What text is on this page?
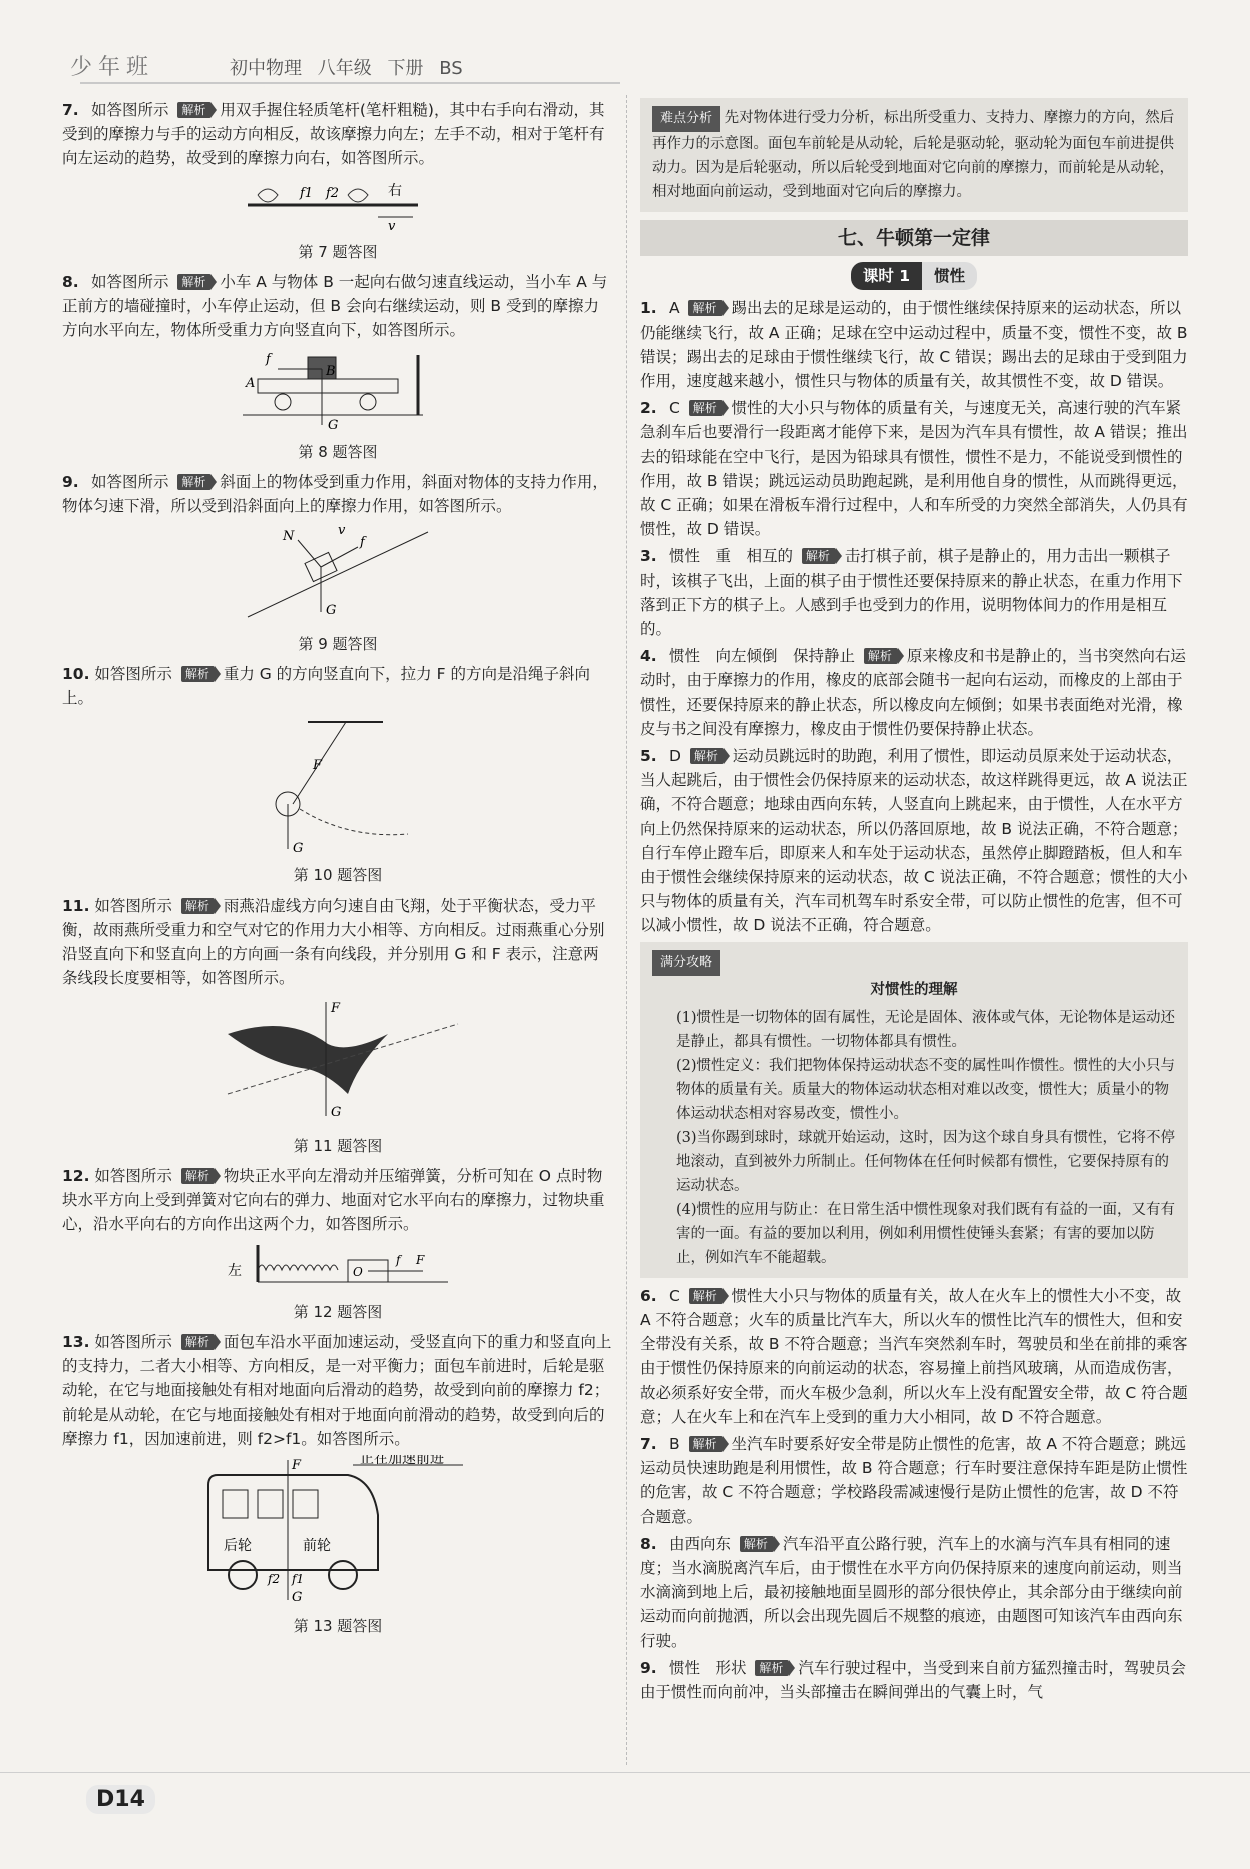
少年班	初中物理 八年级 下册 BS
7. 如答图所示 解析 用双手握住轻质笔杆(笔杆粗糙)，其中右手向右滑动，其受到的摩擦力与手的运动方向相反，故该摩擦力向左；左手不动，相对于笔杆有向左运动的趋势，故受到的摩擦力向右，如答图所示。
f1 f2	右
v
第 7 题答图
8. 如答图所示 解析 小车 A 与物体 B 一起向右做匀速直线运动，当小车 A 与正前方的墙碰撞时，小车停止运动，但 B 会向右继续运动，则 B 受到的摩擦力方向水平向左，物体所受重力方向竖直向下，如答图所示。
f
A
B
G
第 8 题答图
9. 如答图所示 解析 斜面上的物体受到重力作用，斜面对物体的支持力作用，物体匀速下滑，所以受到沿斜面向上的摩擦力作用，如答图所示。
N	v
f
G
第 9 题答图
10. 如答图所示 解析 重力 G 的方向竖直向下，拉力 F 的方向是沿绳子斜向上。
F
G
第 10 题答图
11. 如答图所示 解析 雨燕沿虚线方向匀速自由飞翔，处于平衡状态，受力平衡，故雨燕所受重力和空气对它的作用力大小相等、方向相反。过雨燕重心分别沿竖直向下和竖直向上的方向画一条有向线段，并分别用 G 和 F 表示，注意两条线段长度要相等，如答图所示。
F
G
第 11 题答图
12. 如答图所示 解析 物块正水平向左滑动并压缩弹簧，分析可知在 O 点时物块水平方向上受到弹簧对它向右的弹力、地面对它水平向右的摩擦力，过物块重心，沿水平向右的方向作出这两个力，如答图所示。
左	O
f F
第 12 题答图
13. 如答图所示 解析 面包车沿水平面加速运动，受竖直向下的重力和竖直向上的支持力，二者大小相等、方向相反，是一对平衡力；面包车前进时，后轮是驱动轮，在它与地面接触处有相对地面向后滑动的趋势，故受到向前的摩擦力 f2；前轮是从动轮，在它与地面接触处有相对于地面向前滑动的趋势，故受到向后的摩擦力 f1，因加速前进，则 f2>f1。如答图所示。
F	正在加速前进
后轮	前轮
f2 f1
G
第 13 题答图
难点分析 先对物体进行受力分析，标出所受重力、支持力、摩擦力的方向，然后再作力的示意图。面包车前轮是从动轮，后轮是驱动轮，驱动轮为面包车前进提供动力。因为是后轮驱动，所以后轮受到地面对它向前的摩擦力，而前轮是从动轮，相对地面向前运动，受到地面对它向后的摩擦力。
七、牛顿第一定律
课时 1 惯性
1. A 解析 踢出去的足球是运动的，由于惯性继续保持原来的运动状态，所以仍能继续飞行，故 A 正确；足球在空中运动过程中，质量不变，惯性不变，故 B 错误；踢出去的足球由于惯性继续飞行，故 C 错误；踢出去的足球由于受到阻力作用，速度越来越小，惯性只与物体的质量有关，故其惯性不变，故 D 错误。
2. C 解析 惯性的大小只与物体的质量有关，与速度无关，高速行驶的汽车紧急刹车后也要滑行一段距离才能停下来，是因为汽车具有惯性，故 A 错误；推出去的铅球能在空中飞行，是因为铅球具有惯性，惯性不是力，不能说受到惯性的作用，故 B 错误；跳远运动员助跑起跳，是利用他自身的惯性，从而跳得更远，故 C 正确；如果在滑板车滑行过程中，人和车所受的力突然全部消失，人仍具有惯性，故 D 错误。
3. 惯性　重　相互的 解析 击打棋子前，棋子是静止的，用力击出一颗棋子时，该棋子飞出，上面的棋子由于惯性还要保持原来的静止状态，在重力作用下落到正下方的棋子上。人感到手也受到力的作用，说明物体间力的作用是相互的。
4. 惯性　向左倾倒　保持静止 解析 原来橡皮和书是静止的，当书突然向右运动时，由于摩擦力的作用，橡皮的底部会随书一起向右运动，而橡皮的上部由于惯性，还要保持原来的静止状态，所以橡皮向左倾倒；如果书表面绝对光滑，橡皮与书之间没有摩擦力，橡皮由于惯性仍要保持静止状态。
5. D 解析 运动员跳远时的助跑，利用了惯性，即运动员原来处于运动状态，当人起跳后，由于惯性会仍保持原来的运动状态，故这样跳得更远，故 A 说法正确，不符合题意；地球由西向东转，人竖直向上跳起来，由于惯性，人在水平方向上仍然保持原来的运动状态，所以仍落回原地，故 B 说法正确，不符合题意；自行车停止蹬车后，即原来人和车处于运动状态，虽然停止脚蹬踏板，但人和车由于惯性会继续保持原来的运动状态，故 C 说法正确，不符合题意；惯性的大小只与物体的质量有关，汽车司机驾车时系安全带，可以防止惯性的危害，但不可以减小惯性，故 D 说法不正确，符合题意。
满分攻略
对惯性的理解
(1)惯性是一切物体的固有属性，无论是固体、液体或气体，无论物体是运动还是静止，都具有惯性。一切物体都具有惯性。
(2)惯性定义：我们把物体保持运动状态不变的属性叫作惯性。惯性的大小只与物体的质量有关。质量大的物体运动状态相对难以改变，惯性大；质量小的物体运动状态相对容易改变，惯性小。
(3)当你踢到球时，球就开始运动，这时，因为这个球自身具有惯性，它将不停地滚动，直到被外力所制止。任何物体在任何时候都有惯性，它要保持原有的运动状态。
(4)惯性的应用与防止：在日常生活中惯性现象对我们既有有益的一面，又有有害的一面。有益的要加以利用，例如利用惯性使锤头套紧；有害的要加以防止，例如汽车不能超载。
6. C 解析 惯性大小只与物体的质量有关，故人在火车上的惯性大小不变，故 A 不符合题意；火车的质量比汽车大，所以火车的惯性比汽车的惯性大，但和安全带没有关系，故 B 不符合题意；当汽车突然刹车时，驾驶员和坐在前排的乘客由于惯性仍保持原来的向前运动的状态，容易撞上前挡风玻璃，从而造成伤害，故必须系好安全带，而火车极少急刹，所以火车上没有配置安全带，故 C 符合题意；人在火车上和在汽车上受到的重力大小相同，故 D 不符合题意。
7. B 解析 坐汽车时要系好安全带是防止惯性的危害，故 A 不符合题意；跳远运动员快速助跑是利用惯性，故 B 符合题意；行车时要注意保持车距是防止惯性的危害，故 C 不符合题意；学校路段需减速慢行是防止惯性的危害，故 D 不符合题意。
8. 由西向东 解析 汽车沿平直公路行驶，汽车上的水滴与汽车具有相同的速度；当水滴脱离汽车后，由于惯性在水平方向仍保持原来的速度向前运动，则当水滴滴到地上后，最初接触地面呈圆形的部分很快停止，其余部分由于继续向前运动而向前抛洒，所以会出现先圆后不规整的痕迹，由题图可知该汽车由西向东行驶。
9. 惯性　形状 解析 汽车行驶过程中，当受到来自前方猛烈撞击时，驾驶员会由于惯性而向前冲，当头部撞击在瞬间弹出的气囊上时，气
D14
